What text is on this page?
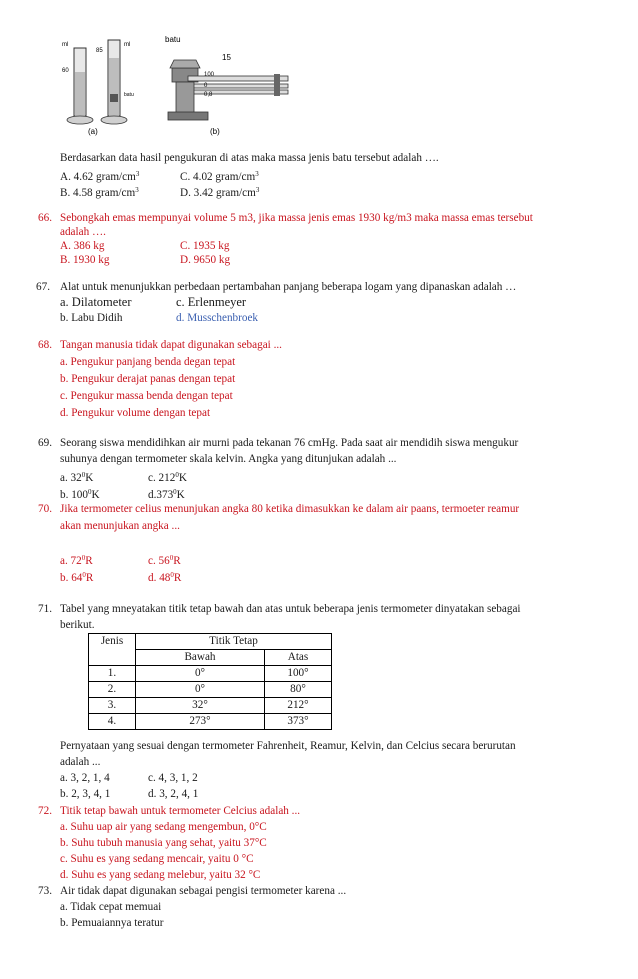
ml
60
85
ml
batu
(a)
batu
15
100
0
0,8
(b)
Berdasarkan data hasil pengukuran di atas maka massa jenis batu tersebut adalah ….
A. 4.62 gram/$cm^3$	C. 4.02 gram/$cm^3$
B. 4.58 gram/$cm^3$	D. 3.42 gram/$cm^3$
66. Sebongkah emas mempunyai volume 5 m3, jika massa jenis emas 1930 kg/m3 maka massa emas tersebut
adalah ….
A. 386 kg	C. 1935 kg
B. 1930 kg	D. 9650 kg
67. Alat untuk menunjukkan perbedaan pertambahan panjang beberapa logam yang dipanaskan adalah …
a. Dilatometer	c. Erlenmeyer
b. Labu Didih	d. Musschenbroek
68. Tangan manusia tidak dapat digunakan sebagai ...
a. Pengukur panjang benda degan tepat
b. Pengukur derajat panas dengan tepat
c. Pengukur massa benda dengan tepat
d. Pengukur volume dengan tepat
69. Seorang siswa mendidihkan air murni pada tekanan 76 cmHg. Pada saat air mendidih siswa mengukur
suhunya dengan termometer skala kelvin. Angka yang ditunjukan adalah ...
a. $32^0K$	c. $212^0K$
b. $100^0K$	d.373$^0$K
70. Jika termometer celius menunjukan angka 80 ketika dimasukkan ke dalam air paans, termoeter reamur
akan menunjukan angka ...
a. $72^0R$	c. $56^0R$
b. $64^0R$	d. $48^0R$
71. Tabel yang mneyatakan titik tetap bawah dan atas untuk beberapa jenis termometer dinyatakan sebagai
berikut.
Jenis	Titik Tetap	
	Bawah	Atas
1.	0°	100°
2.	0°	80°
3.	32°	212°
4.	273°	373°
Pernyataan yang sesuai dengan termometer Fahrenheit, Reamur, Kelvin, dan Celcius secara berurutan
adalah ...
a. 3, 2, 1, 4	c. 4, 3, 1, 2
b. 2, 3, 4, 1	d. 3, 2, 4, 1
72. Titik tetap bawah untuk termometer Celcius adalah ...
a. Suhu uap air yang sedang mengembun, 0°C
b. Suhu tubuh manusia yang sehat, yaitu 37°C
c. Suhu es yang sedang mencair, yaitu 0 °C
d. Suhu es yang sedang melebur, yaitu 32 °C
73. Air tidak dapat digunakan sebagai pengisi termometer karena ...
a. Tidak cepat memuai
b. Pemuaiannya teratur
